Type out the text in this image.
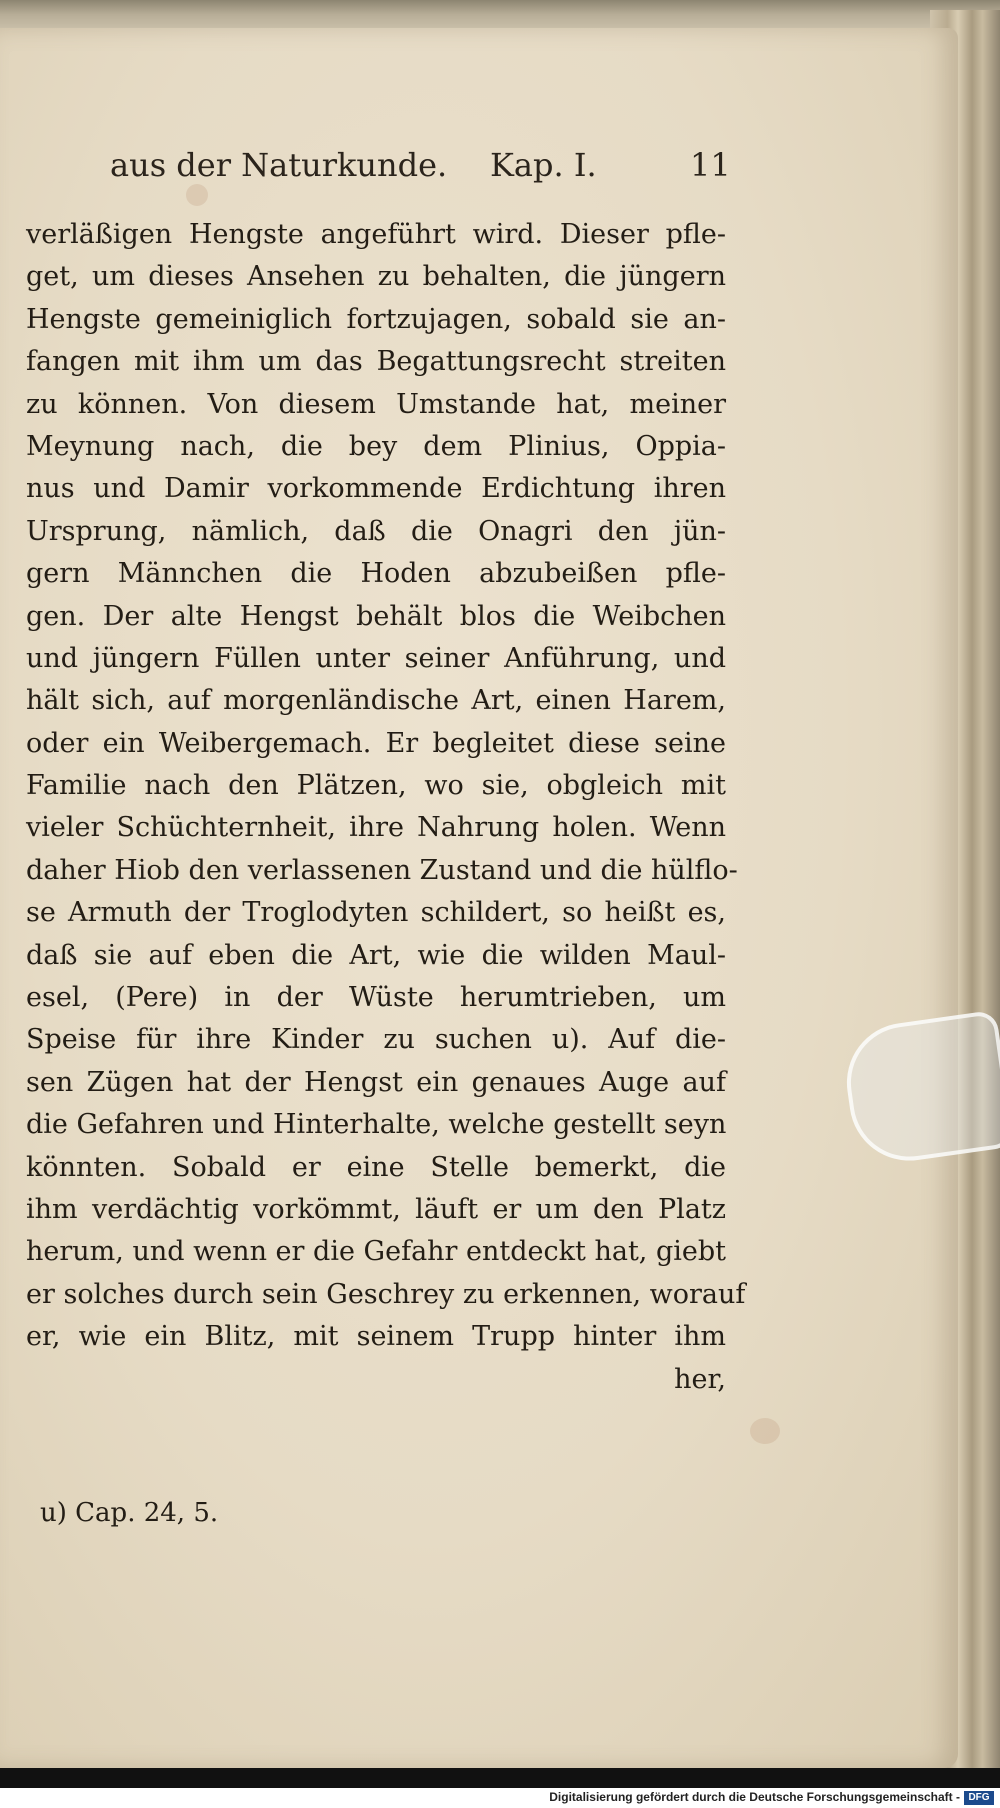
aus der Naturkunde. Kap. I.	11
verläßigen Hengste angeführt wird. Dieser pfle-
get, um dieses Ansehen zu behalten, die jüngern
Hengste gemeiniglich fortzujagen, sobald sie an-
fangen mit ihm um das Begattungsrecht streiten
zu können. Von diesem Umstande hat, meiner
Meynung nach, die bey dem Plinius, Oppia-
nus und Damir vorkommende Erdichtung ihren
Ursprung, nämlich, daß die Onagri den jün-
gern Männchen die Hoden abzubeißen pfle-
gen. Der alte Hengst behält blos die Weibchen
und jüngern Füllen unter seiner Anführung, und
hält sich, auf morgenländische Art, einen Harem,
oder ein Weibergemach. Er begleitet diese seine
Familie nach den Plätzen, wo sie, obgleich mit
vieler Schüchternheit, ihre Nahrung holen. Wenn
daher Hiob den verlassenen Zustand und die hülflo-
se Armuth der Troglodyten schildert, so heißt es,
daß sie auf eben die Art, wie die wilden Maul-
esel, (Pere) in der Wüste herumtrieben, um
Speise für ihre Kinder zu suchen u). Auf die-
sen Zügen hat der Hengst ein genaues Auge auf
die Gefahren und Hinterhalte, welche gestellt seyn
könnten. Sobald er eine Stelle bemerkt, die
ihm verdächtig vorkömmt, läuft er um den Platz
herum, und wenn er die Gefahr entdeckt hat, giebt
er solches durch sein Geschrey zu erkennen, worauf
er, wie ein Blitz, mit seinem Trupp hinter ihm
her,
u) Cap. 24, 5.
Digitalisierung gefördert durch die Deutsche Forschungsgemeinschaft - DFG
